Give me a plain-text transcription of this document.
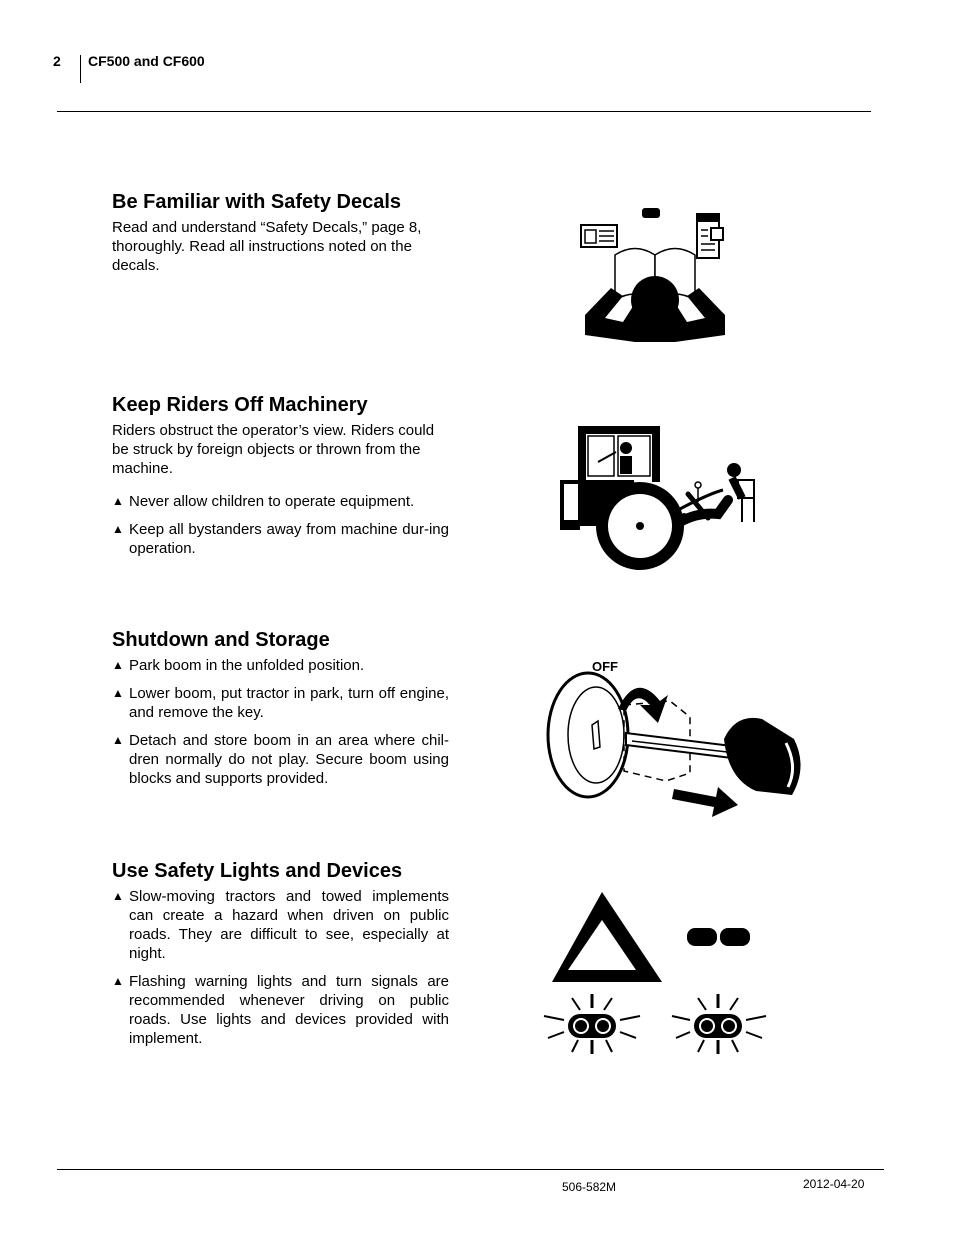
2 CF500 and CF600
Be Familiar with Safety Decals

Read and understand “Safety Decals,” page 8, thoroughly. Read all instructions noted on the decals.

Keep Riders Off Machinery

Riders obstruct the operator’s view. Riders could be struck by foreign objects or thrown from the machine.

▲ Never allow children to operate equipment.
▲ Keep all bystanders away from machine dur-ing operation.
Shutdown and Storage
▲ Park boom in the unfolded position.
▲ Lower boom, put tractor in park, turn off engine, and remove the key.
▲ Detach and store boom in an area where chil-dren normally do not play. Secure boom using blocks and supports provided.
Use Safety Lights and Devices
▲ Slow-moving tractors and towed implements can create a hazard when driven on public roads. They are difficult to see, especially at night.
▲ Flashing warning lights and turn signals are recommended whenever driving on public roads. Use lights and devices provided with implement.
OFF
506-582M	2012-04-20
